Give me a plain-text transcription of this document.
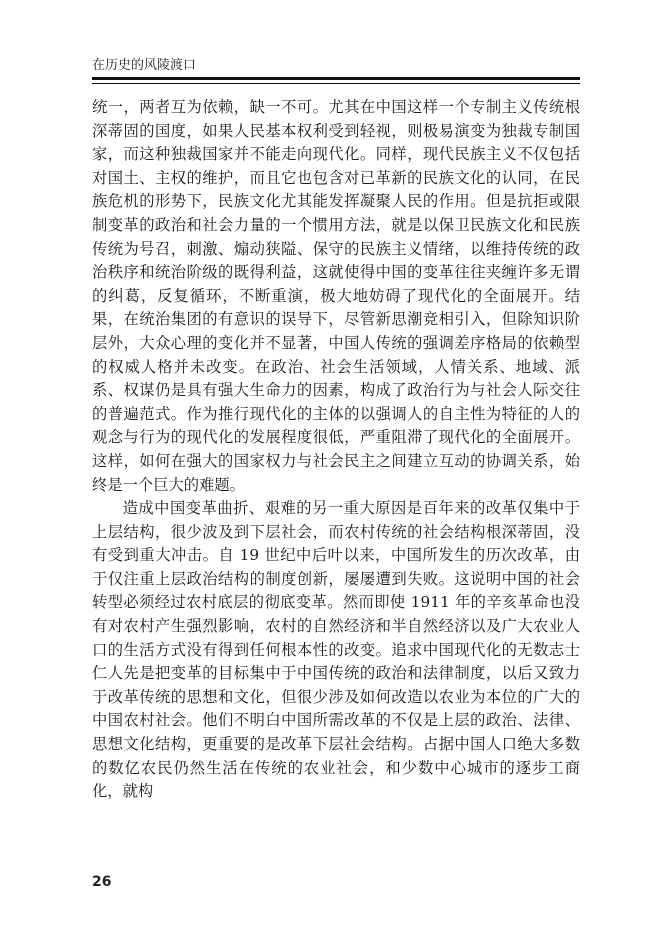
在历史的风陵渡口

统一，两者互为依赖，缺一不可。尤其在中国这样一个专制主义传统根深蒂固的国度，如果人民基本权利受到轻视，则极易演变为独裁专制国家，而这种独裁国家并不能走向现代化。同样，现代民族主义不仅包括对国土、主权的维护，而且它也包含对已革新的民族文化的认同，在民族危机的形势下，民族文化尤其能发挥凝聚人民的作用。但是抗拒或限制变革的政治和社会力量的一个惯用方法，就是以保卫民族文化和民族传统为号召，刺激、煽动狭隘、保守的民族主义情绪，以维持传统的政治秩序和统治阶级的既得利益，这就使得中国的变革往往夹缠许多无谓的纠葛，反复循环，不断重演，极大地妨碍了现代化的全面展开。结果，在统治集团的有意识的误导下，尽管新思潮竞相引入，但除知识阶层外，大众心理的变化并不显著，中国人传统的强调差序格局的依赖型的权威人格并未改变。在政治、社会生活领域，人情关系、地域、派系、权谋仍是具有强大生命力的因素，构成了政治行为与社会人际交往的普遍范式。作为推行现代化的主体的以强调人的自主性为特征的人的观念与行为的现代化的发展程度很低，严重阻滞了现代化的全面展开。这样，如何在强大的国家权力与社会民主之间建立互动的协调关系，始终是一个巨大的难题。

造成中国变革曲折、艰难的另一重大原因是百年来的改革仅集中于上层结构，很少波及到下层社会，而农村传统的社会结构根深蒂固，没有受到重大冲击。自 19 世纪中后叶以来，中国所发生的历次改革，由于仅注重上层政治结构的制度创新，屡屡遭到失败。这说明中国的社会转型必须经过农村底层的彻底变革。然而即使 1911 年的辛亥革命也没有对农村产生强烈影响，农村的自然经济和半自然经济以及广大农业人口的生活方式没有得到任何根本性的改变。追求中国现代化的无数志士仁人先是把变革的目标集中于中国传统的政治和法律制度，以后又致力于改革传统的思想和文化，但很少涉及如何改造以农业为本位的广大的中国农村社会。他们不明白中国所需改革的不仅是上层的政治、法律、思想文化结构，更重要的是改革下层社会结构。占据中国人口绝大多数的数亿农民仍然生活在传统的农业社会，和少数中心城市的逐步工商化，就构

26
